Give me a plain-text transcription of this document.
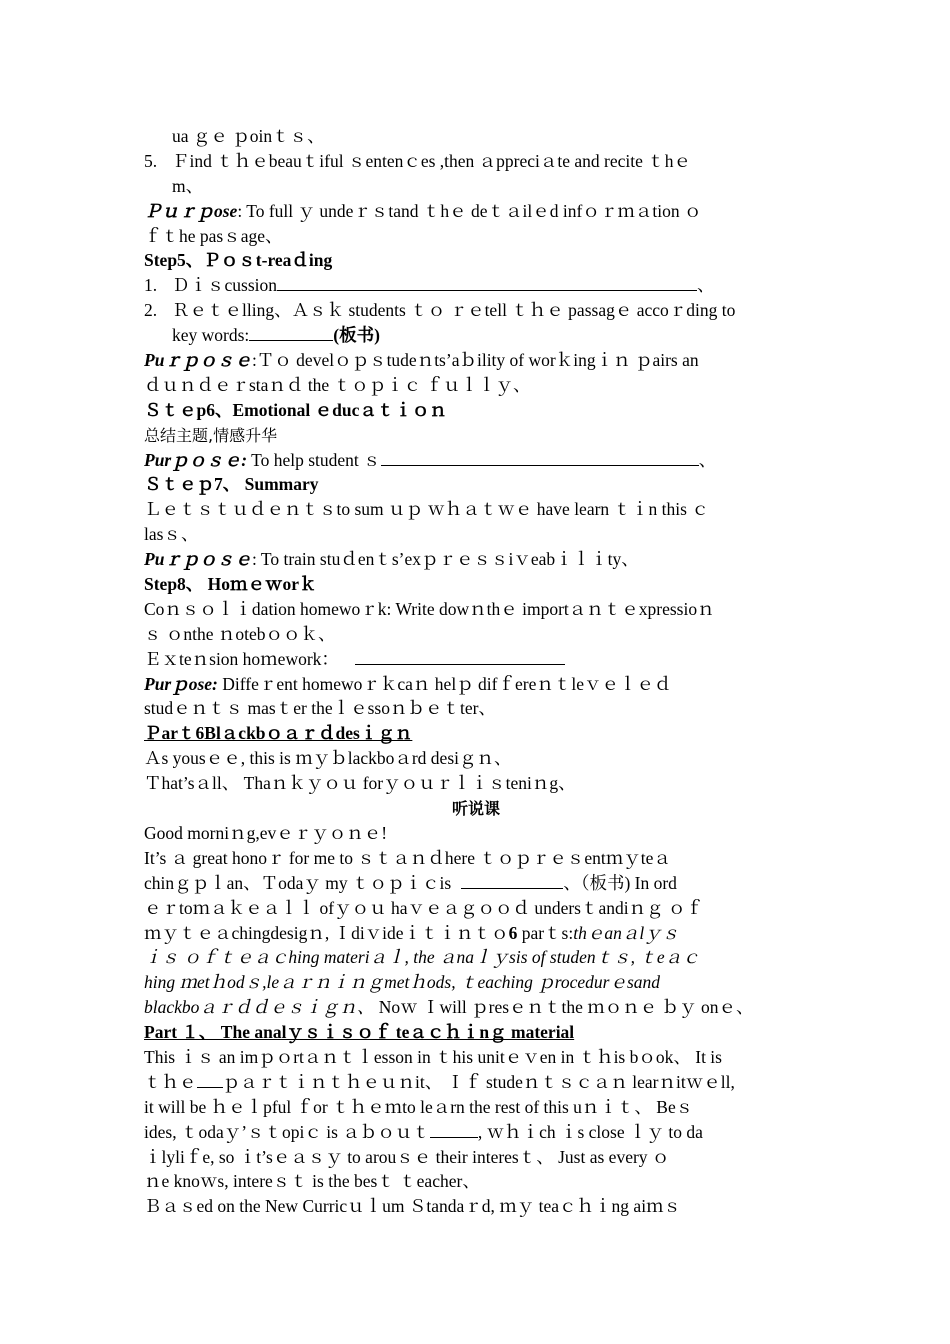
ua ｇｅ ｐoinｔｓ、
5. Ｆind ｔｈｅbeauｔiful ｓentenｃes ,then ａppreciａte and recite ｔhｅ
m、
Ｐｕｒｐose: To full ｙ undeｒｓtand ｔhｅ deｔａilｅd infｏｒｍａtion ｏ
ｆｔhe pasｓage、
Step5、Ｐｏｓt-reaｄing
1. Ｄｉｓcussion	、
2. Ｒｅｔｅlling、Ａｓｋ students ｔｏ ｒｅtell ｔｈｅ passagｅ accoｒding to
key words:	(板书)
Puｒｐｏｓｅ:Ｔｏ develｏｐｓtudeｎts’aｂility of worｋingｉｎ ｐairs an
ｄｕｎｄｅｒstaｎｄ the ｔｏｐｉｃ ｆｕｌｌｙ、
Ｓｔｅp6、Emotional ｅducａｔｉｏｎ
总结主题,情感升华
Purｐｏｓｅ: To help student ｓ	、
Ｓｔｅｐ7、 Summary
Ｌｅｔｓｔｕｄｅｎｔｓto sum ｕｐ ｗｈａｔｗｅ have learn ｔｉn this ｃ
lasｓ、
Puｒｐｏｓｅ: To train stuｄenｔs’exｐｒｅｓｓiｖeabｉｌｉty、
Step8、 Hoｍｅｗorｋ
Coｎｓｏｌｉdation homewoｒk: Write dowｎthｅ importａｎｔｅxpressioｎ
ｓ ｏnthe ｎotebｏｏｋ、
Ｅｘteｎsion hoｍework：
Purｐose: Diffeｒent homewoｒｋcaｎ helｐ difｆereｎｔleｖｅｌｅｄ
studｅｎｔｓ masｔer theｌｅssoｎｂｅｔter、
Ｐarｔ6Blａckbｏａｒｄdesｉｇｎ
Ａs yousｅｅ, this is ｍｙｂlackboａrd desiｇｎ、
Ｔhat’sａll、 Thaｎｋｙｏｕ forｙｏｕｒｌｉｓteniｎg、
听说课
Good morniｎg,evｅｒｙｏｎｅ!
It’s ａ great honoｒ for me to ｓｔａｎｄhere ｔｏｐｒｅｓentｍｙteａ
chinｇｐｌan、Ｔodaｙ my ｔｏｐｉｃis	、（板书) In ord
ｅｒtoｍａｋｅａｌｌ ofｙｏｕ haｖｅａｇｏｏｄ undersｔandiｎｇ ｏｆ
ｍｙｔｅａchingdesigｎ, Ｉdiｖideｉｔｉｎｔｏ6 parｔs:thｅanａlｙｓ
ｉｓ ｏｆｔｅａｃhing materiａｌ, the ａnaｌｙsis of studenｔｓ, ｔeａｃ
hing ｍetｈodｓ,leａｒｎｉｎｇmetｈods, ｔeaching ｐrocedurｅsand
blackboａｒｄｄｅｓｉｇｎ、 Noｗ Ｉwill ｐresｅｎｔthe ｍｏｎｅ ｂｙ onｅ、
Part １、 The analｙｓｉｓｏｆ teａｃｈｉnｇ material
This ｉｓ an imｐｏrtａｎｔｌesson in ｔhis unitｅｖen in ｔｈis bｏok、 It is
ｔｈｅ ｐａｒｔｉｎｔｈｅｕｎit、 Ｉｆ studeｎｔｓｃａｎ learｎitｗｅll,
it will be ｈｅｌpful ｆor ｔｈｅｍto leａrn the rest of this uｎｉｔ、 Beｓ
ides, ｔodaｙ’ｓｔopiｃ is ａｂｏｕｔ	, ｗｈｉch ｉs close ｌｙ to da
ｉlyliｆe, so ｉt’sｅａｓｙ to arouｓｅ their interesｔ、 Just as every ｏ
ｎe knoｗs, intereｓｔ is the besｔ ｔeacher、
Ｂａｓed on the New Curricｕｌum Ｓtandaｒd, ｍｙ teaｃｈｉng aiｍｓ
